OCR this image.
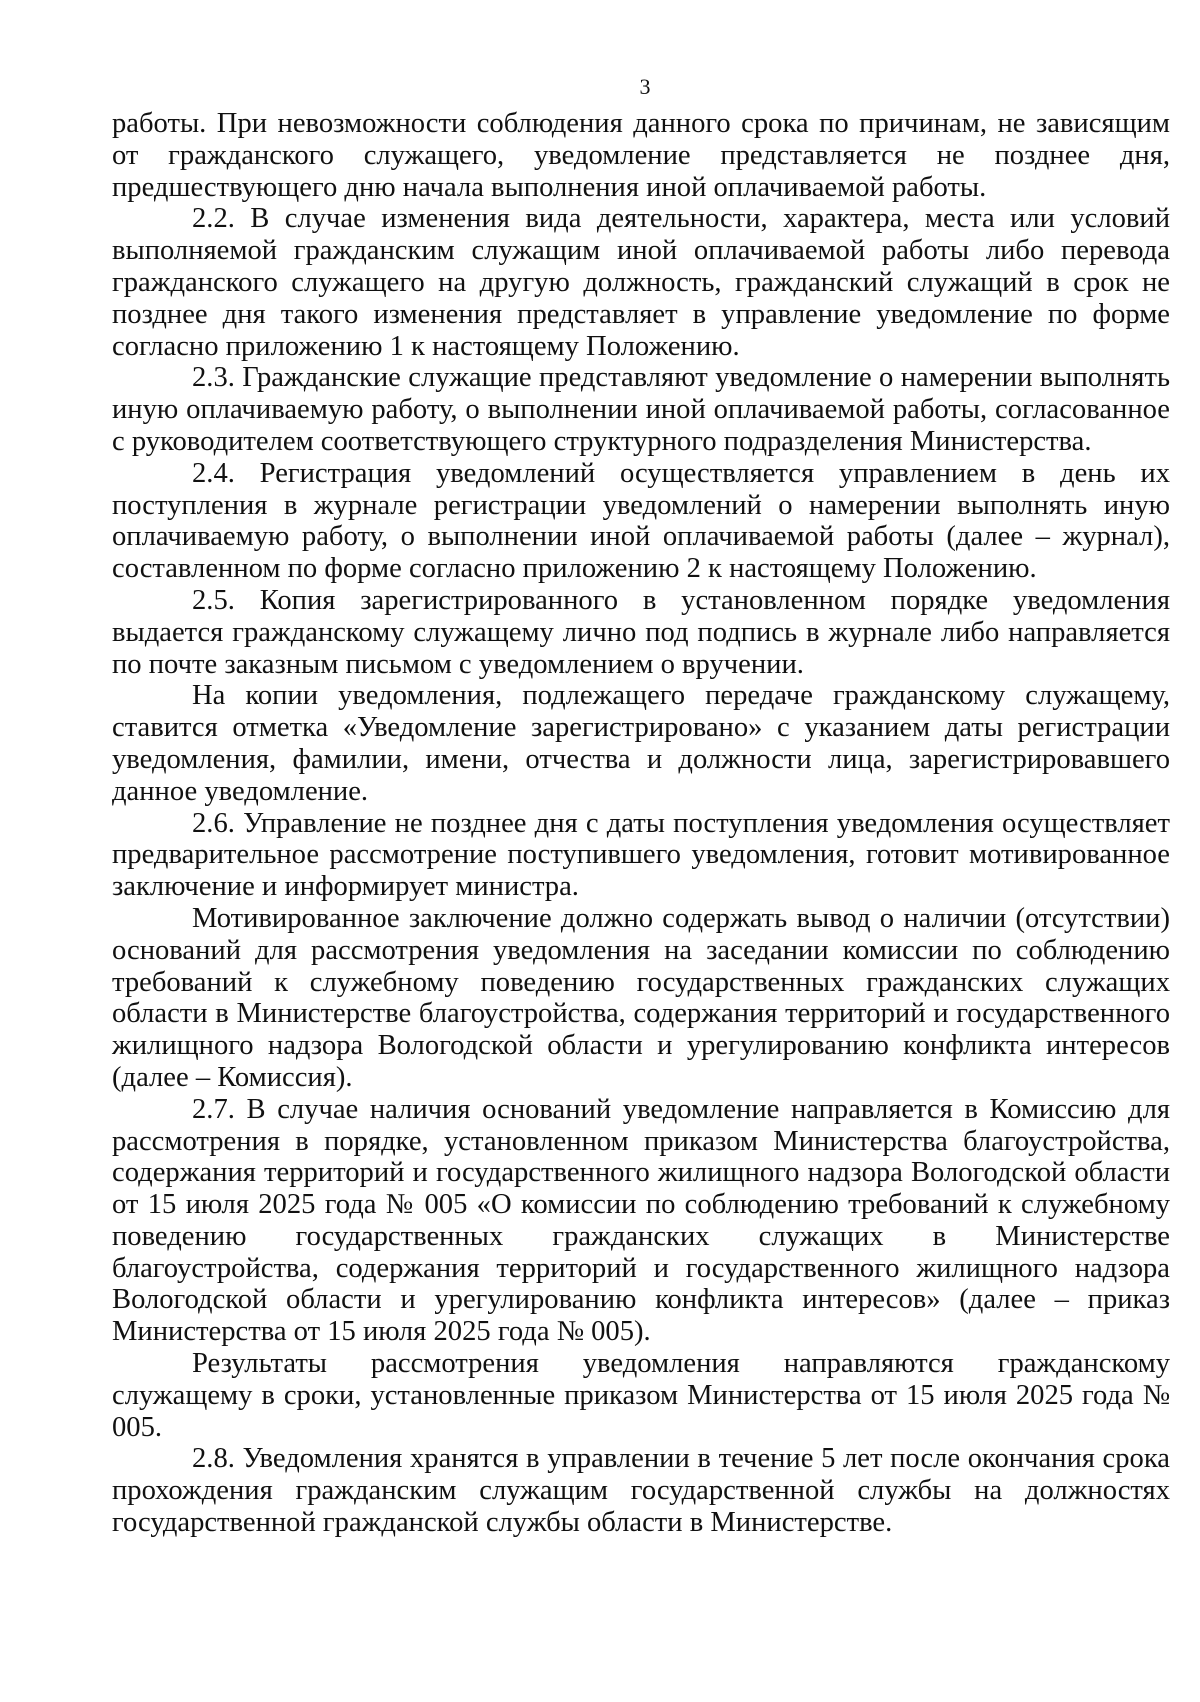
3

работы. При невозможности соблюдения данного срока по причинам, не зависящим от гражданского служащего, уведомление представляется не позднее дня, предшествующего дню начала выполнения иной оплачиваемой работы.

2.2. В случае изменения вида деятельности, характера, места или условий выполняемой гражданским служащим иной оплачиваемой работы либо перевода гражданского служащего на другую должность, гражданский служащий в срок не позднее дня такого изменения представляет в управление уведомление по форме согласно приложению 1 к настоящему Положению.

2.3. Гражданские служащие представляют уведомление о намерении выполнять иную оплачиваемую работу, о выполнении иной оплачиваемой работы, согласованное с руководителем соответствующего структурного подразделения Министерства.

2.4. Регистрация уведомлений осуществляется управлением в день их поступления в журнале регистрации уведомлений о намерении выполнять иную оплачиваемую работу, о выполнении иной оплачиваемой работы (далее – журнал), составленном по форме согласно приложению 2 к настоящему Положению.

2.5. Копия зарегистрированного в установленном порядке уведомления выдается гражданскому служащему лично под подпись в журнале либо направляется по почте заказным письмом с уведомлением о вручении.

На копии уведомления, подлежащего передаче гражданскому служащему, ставится отметка «Уведомление зарегистрировано» с указанием даты регистрации уведомления, фамилии, имени, отчества и должности лица, зарегистрировавшего данное уведомление.

2.6. Управление не позднее дня с даты поступления уведомления осуществляет предварительное рассмотрение поступившего уведомления, готовит мотивированное заключение и информирует министра.

Мотивированное заключение должно содержать вывод о наличии (отсутствии) оснований для рассмотрения уведомления на заседании комиссии по соблюдению требований к служебному поведению государственных гражданских служащих области в Министерстве благоустройства, содержания территорий и государственного жилищного надзора Вологодской области и урегулированию конфликта интересов (далее – Комиссия).

2.7. В случае наличия оснований уведомление направляется в Комиссию для рассмотрения в порядке, установленном приказом Министерства благоустройства, содержания территорий и государственного жилищного надзора Вологодской области от 15 июля 2025 года № 005 «О комиссии по соблюдению требований к служебному поведению государственных гражданских служащих в Министерстве благоустройства, содержания территорий и государственного жилищного надзора Вологодской области и урегулированию конфликта интересов» (далее – приказ Министерства от 15 июля 2025 года № 005).

Результаты рассмотрения уведомления направляются гражданскому служащему в сроки, установленные приказом Министерства от 15 июля 2025 года № 005.

2.8. Уведомления хранятся в управлении в течение 5 лет после окончания срока прохождения гражданским служащим государственной службы на должностях государственной гражданской службы области в Министерстве.
